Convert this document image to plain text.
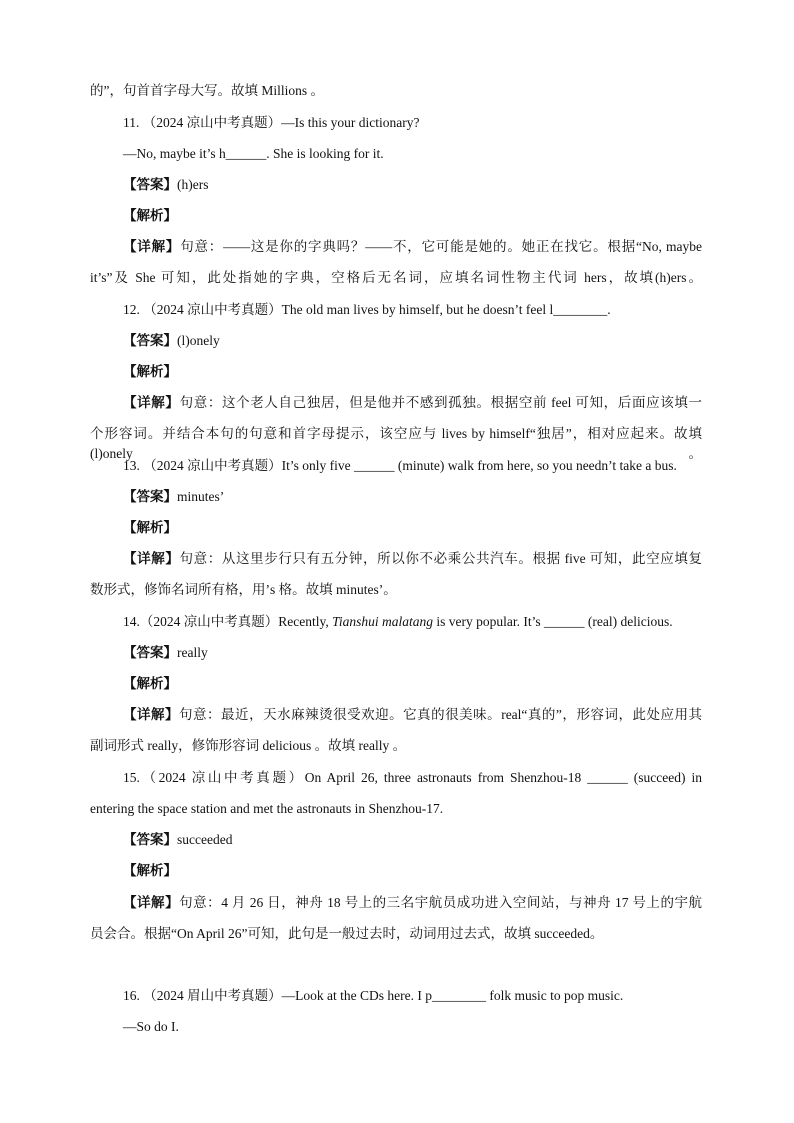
的”，句首首字母大写。故填 Millions 。
11. （2024 凉山中考真题）—Is this your dictionary?
—No, maybe it’s h______. She is looking for it.
【答案】(h)ers
【解析】
【详解】句意：——这是你的字典吗？——不，它可能是她的。她正在找它。根据“No, maybe
it’s”及 She 可知，此处指她的字典，空格后无名词，应填名词性物主代词 hers，故填(h)ers。
12. （2024 凉山中考真题）The old man lives by himself, but he doesn’t feel l________.
【答案】(l)onely
【解析】
【详解】句意：这个老人自己独居，但是他并不感到孤独。根据空前 feel 可知，后面应该填一
个形容词。并结合本句的句意和首字母提示，该空应与 lives by himself“独居”，相对应起来。故填(l)onely 。
13. （2024 凉山中考真题）It’s only five ______ (minute) walk from here, so you needn’t take a bus.
【答案】minutes’
【解析】
【详解】句意：从这里步行只有五分钟，所以你不必乘公共汽车。根据 five 可知，此空应填复
数形式，修饰名词所有格，用’s 格。故填 minutes’。
14.（2024 凉山中考真题）Recently, Tianshui malatang is very popular. It’s ______ (real) delicious.
【答案】really
【解析】
【详解】句意：最近，天水麻辣烫很受欢迎。它真的很美味。real“真的”，形容词，此处应用其
副词形式 really，修饰形容词 delicious 。故填 really 。
15.（2024 凉山中考真题）On April 26, three astronauts from Shenzhou-18 ______ (succeed) in
entering the space station and met the astronauts in Shenzhou-17.
【答案】succeeded
【解析】
【详解】句意：4 月 26 日，神舟 18 号上的三名宇航员成功进入空间站，与神舟 17 号上的宇航
员会合。根据“On April 26”可知，此句是一般过去时，动词用过去式，故填 succeeded。
16. （2024 眉山中考真题）—Look at the CDs here. I p________ folk music to pop music.
—So do I.
